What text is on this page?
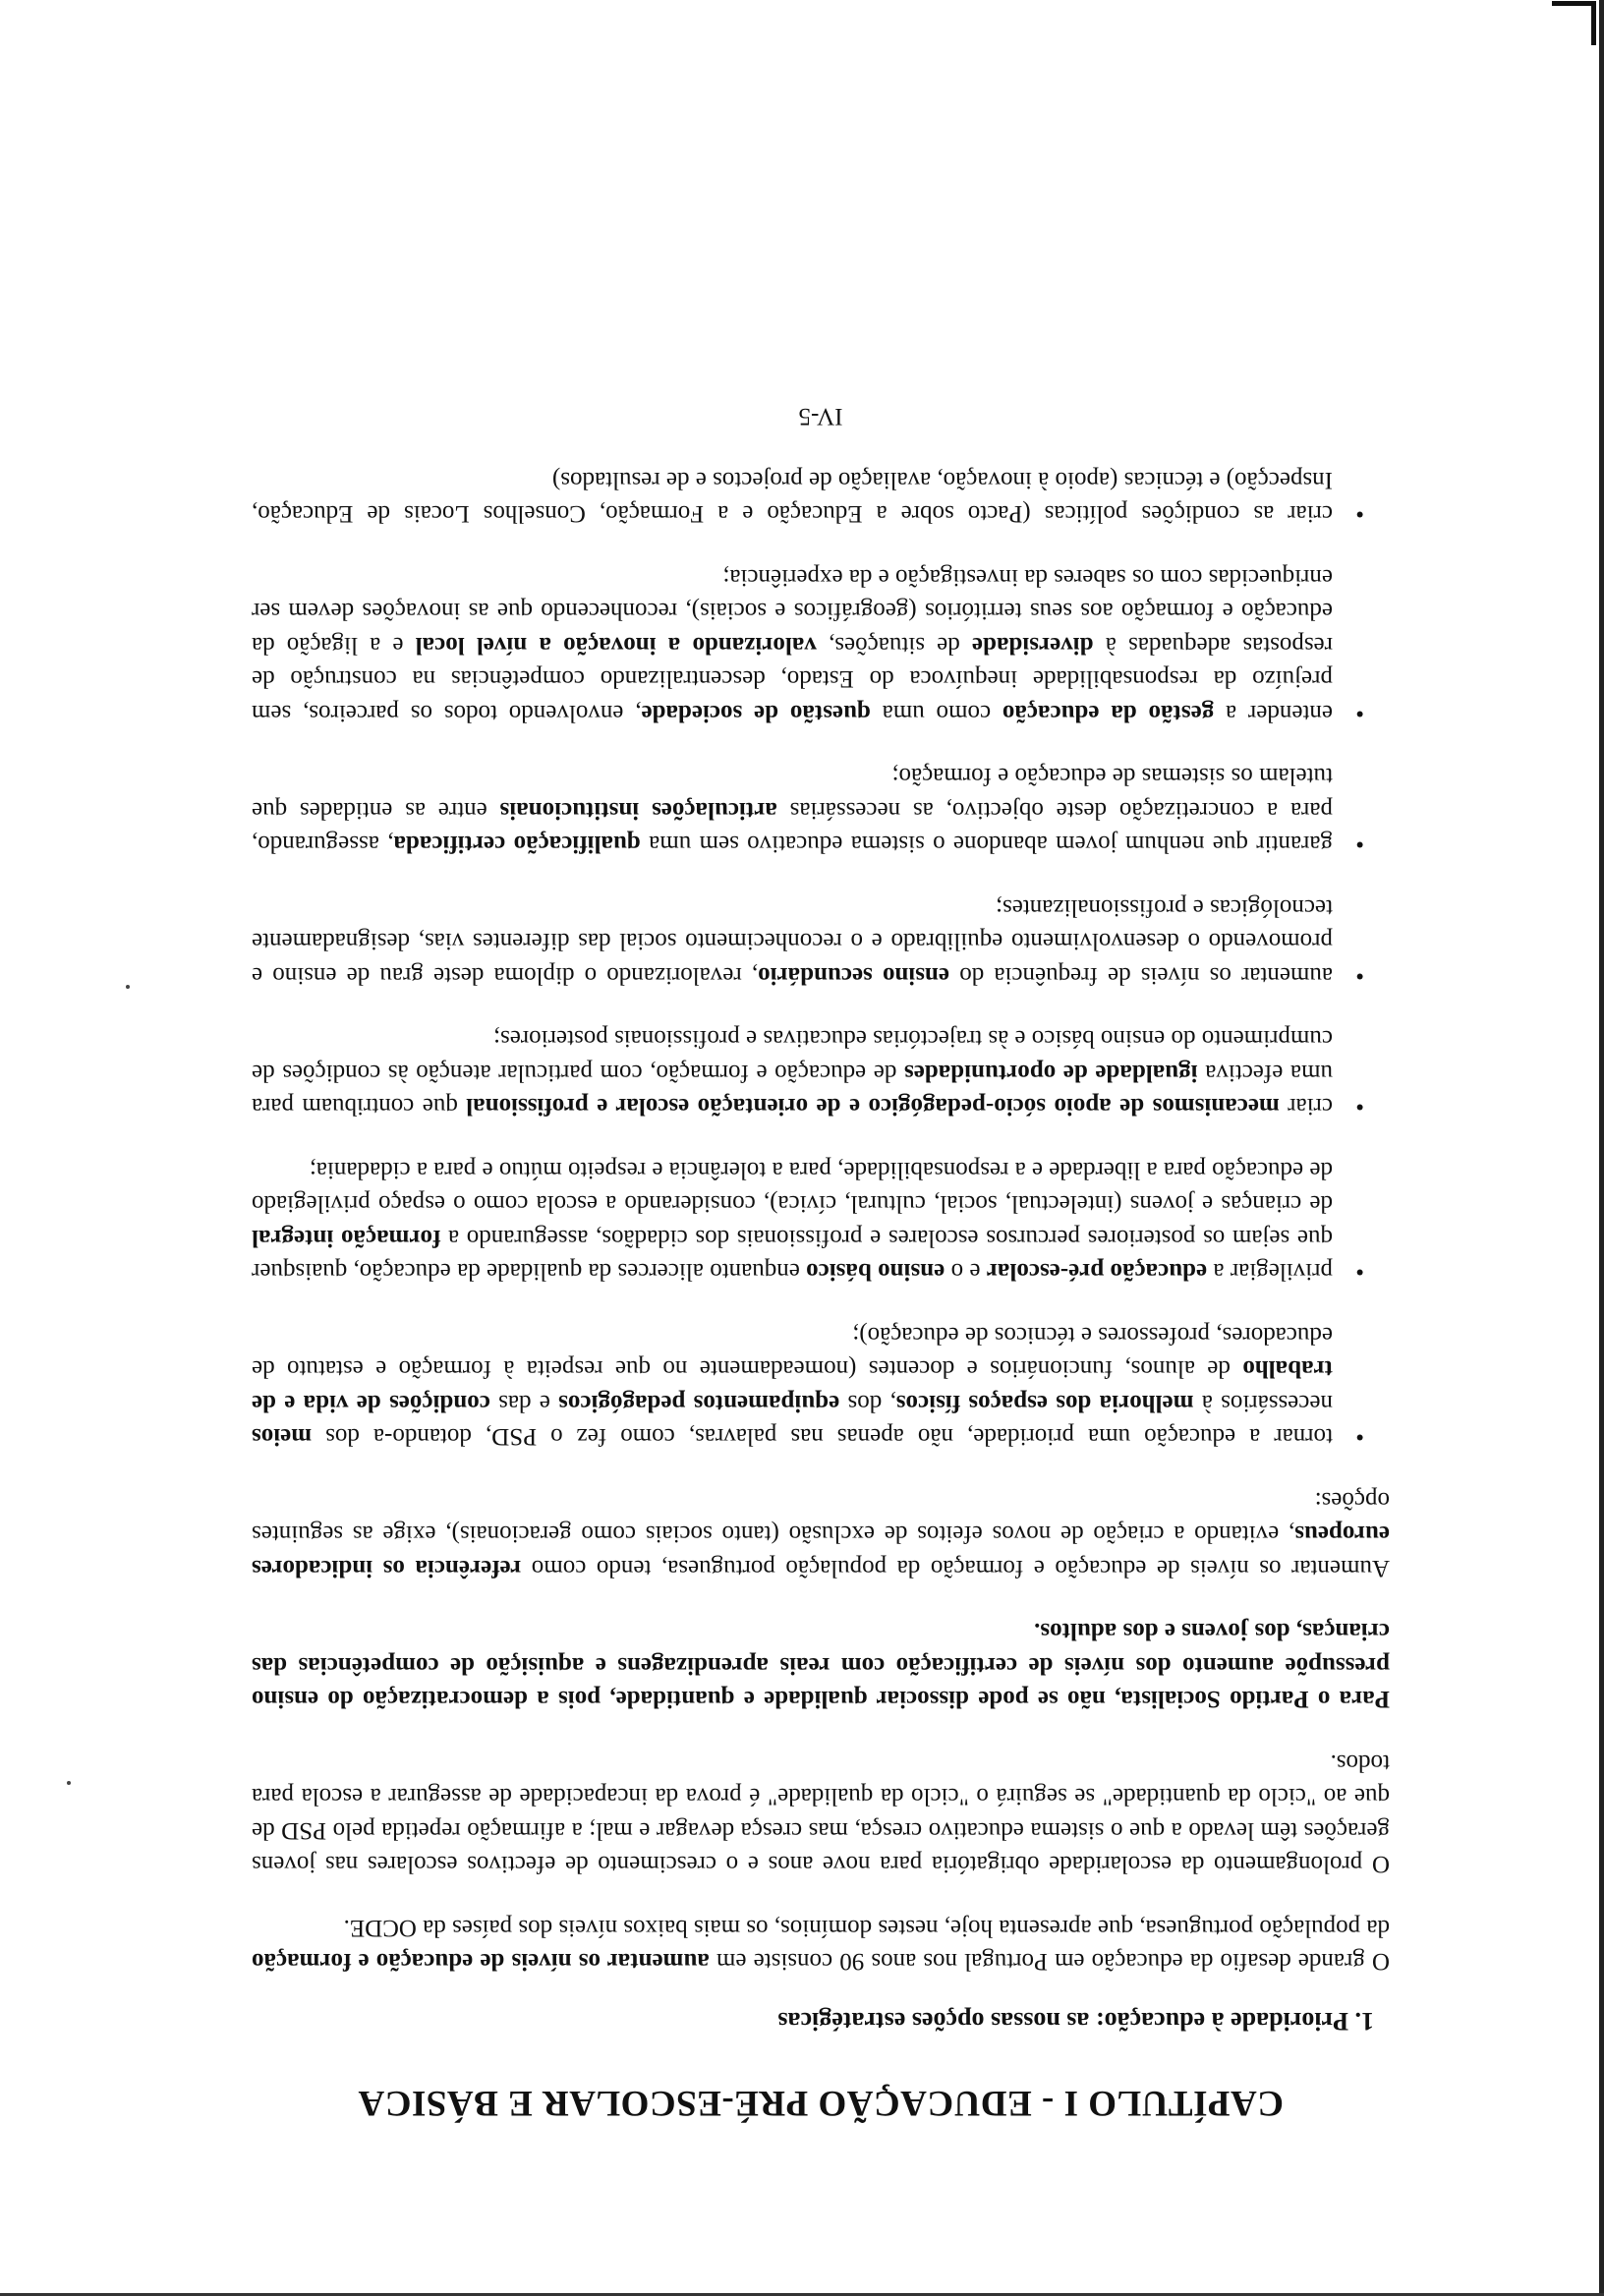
CAPÍTULO I - EDUCAÇÃO PRÉ-ESCOLAR E BÁSICA
1. Prioridade à educação: as nossas opções estratégicas

O grande desafio da educação em Portugal nos anos 90 consiste em aumentar os níveis de educação e formação da população portuguesa, que apresenta hoje, nestes domínios, os mais baixos níveis dos países da OCDE.

O prolongamento da escolaridade obrigatória para nove anos e o crescimento de efectivos escolares nas jovens gerações têm levado a que o sistema educativo cresça, mas cresça devagar e mal; a afirmação repetida pelo PSD de que ao "ciclo da quantidade" se seguirá o "ciclo da qualidade" é prova da incapacidade de assegurar a escola para todos.

Para o Partido Socialista, não se pode dissociar qualidade e quantidade, pois a democratização do ensino pressupõe aumento dos níveis de certificação com reais aprendizagens e aquisição de competências das crianças, dos jovens e dos adultos.

Aumentar os níveis de educação e formação da população portuguesa, tendo como referência os indicadores europeus, evitando a criação de novos efeitos de exclusão (tanto sociais como geracionais), exige as seguintes opções:

•
tornar a educação uma prioridade, não apenas nas palavras, como fez o PSD, dotando-a dos meios necessários à melhoria dos espaços físicos, dos equipamentos pedagógicos e das condições de vida e de trabalho de alunos, funcionários e docentes (nomeadamente no que respeita à formação e estatuto de educadores, professores e técnicos de educação);
•
privilegiar a educação pré-escolar e o ensino básico enquanto alicerces da qualidade da educação, quaisquer que sejam os posteriores percursos escolares e profissionais dos cidadãos, assegurando a formação integral de crianças e jovens (intelectual, social, cultural, cívica), considerando a escola como o espaço privilegiado de educação para a liberdade e a responsabilidade, para a tolerância e respeito mútuo e para a cidadania;
•
criar mecanismos de apoio sócio-pedagógico e de orientação escolar e profissional que contribuam para uma efectiva igualdade de oportunidades de educação e formação, com particular atenção às condições de cumprimento do ensino básico e às trajectórias educativas e profissionais posteriores;
•
aumentar os níveis de frequência do ensino secundário, revalorizando o diploma deste grau de ensino e promovendo o desenvolvimento equilibrado e o reconhecimento social das diferentes vias, designadamente tecnológicas e profissionalizantes;
•
garantir que nenhum jovem abandone o sistema educativo sem uma qualificação certificada, assegurando, para a concretização deste objectivo, as necessárias articulações institucionais entre as entidades que tutelam os sistemas de educação e formação;
•
entender a gestão da educação como uma questão de sociedade, envolvendo todos os parceiros, sem prejuízo da responsabilidade inequívoca do Estado, descentralizando competências na construção de respostas adequadas à diversidade de situações, valorizando a inovação a nível local e a ligação da educação e formação aos seus territórios (geográficos e sociais), reconhecendo que as inovações devem ser enriquecidas com os saberes da investigação e da experiência;
•
criar as condições políticas (Pacto sobre a Educação e a Formação, Conselhos Locais de Educação, Inspecção) e técnicas (apoio à inovação, avaliação de projectos e de resultados)
IV-5
